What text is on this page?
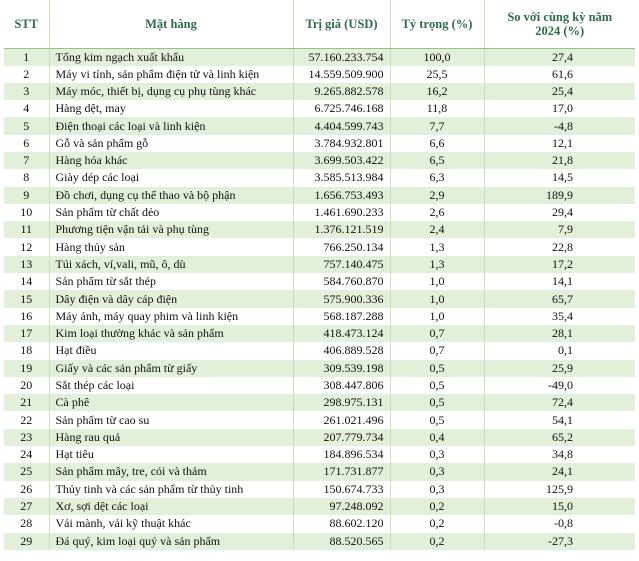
STT	Mặt hàng	Trị giá (USD)	Tỷ trọng (%)	So với cùng kỳ năm
2024 (%)
1	Tổng kim ngạch xuất khẩu	57.160.233.754	100,0	27,4
2	Máy vi tính, sản phẩm điện tử và linh kiện	14.559.509.900	25,5	61,6
3	Máy móc, thiết bị, dụng cụ phụ tùng khác	9.265.882.578	16,2	25,4
4	Hàng dệt, may	6.725.746.168	11,8	17,0
5	Điện thoại các loại và linh kiện	4.404.599.743	7,7	-4,8
6	Gỗ và sản phẩm gỗ	3.784.932.801	6,6	12,1
7	Hàng hóa khác	3.699.503.422	6,5	21,8
8	Giày dép các loại	3.585.513.984	6,3	14,5
9	Đồ chơi, dụng cụ thể thao và bộ phận	1.656.753.493	2,9	189,9
10	Sản phẩm từ chất dẻo	1.461.690.233	2,6	29,4
11	Phương tiện vận tải và phụ tùng	1.376.121.519	2,4	7,9
12	Hàng thủy sản	766.250.134	1,3	22,8
13	Túi xách, ví,vali, mũ, ô, dù	757.140.475	1,3	17,2
14	Sản phẩm từ sắt thép	584.760.870	1,0	14,1
15	Dây điện và dây cáp điện	575.900.336	1,0	65,7
16	Máy ảnh, máy quay phim và linh kiện	568.187.288	1,0	35,4
17	Kim loại thường khác và sản phẩm	418.473.124	0,7	28,1
18	Hạt điều	406.889.528	0,7	0,1
19	Giấy và các sản phẩm từ giấy	309.539.198	0,5	25,9
20	Sắt thép các loại	308.447.806	0,5	-49,0
21	Cà phê	298.975.131	0,5	72,4
22	Sản phẩm từ cao su	261.021.496	0,5	54,1
23	Hàng rau quả	207.779.734	0,4	65,2
24	Hạt tiêu	184.896.534	0,3	34,8
25	Sản phẩm mây, tre, cói và thảm	171.731.877	0,3	24,1
26	Thủy tinh và các sản phẩm từ thủy tinh	150.674.733	0,3	125,9
27	Xơ, sợi dệt các loại	97.248.092	0,2	15,0
28	Vải mành, vải kỹ thuật khác	88.602.120	0,2	-0,8
29	Đá quý, kim loại quý và sản phẩm	88.520.565	0,2	-27,3
